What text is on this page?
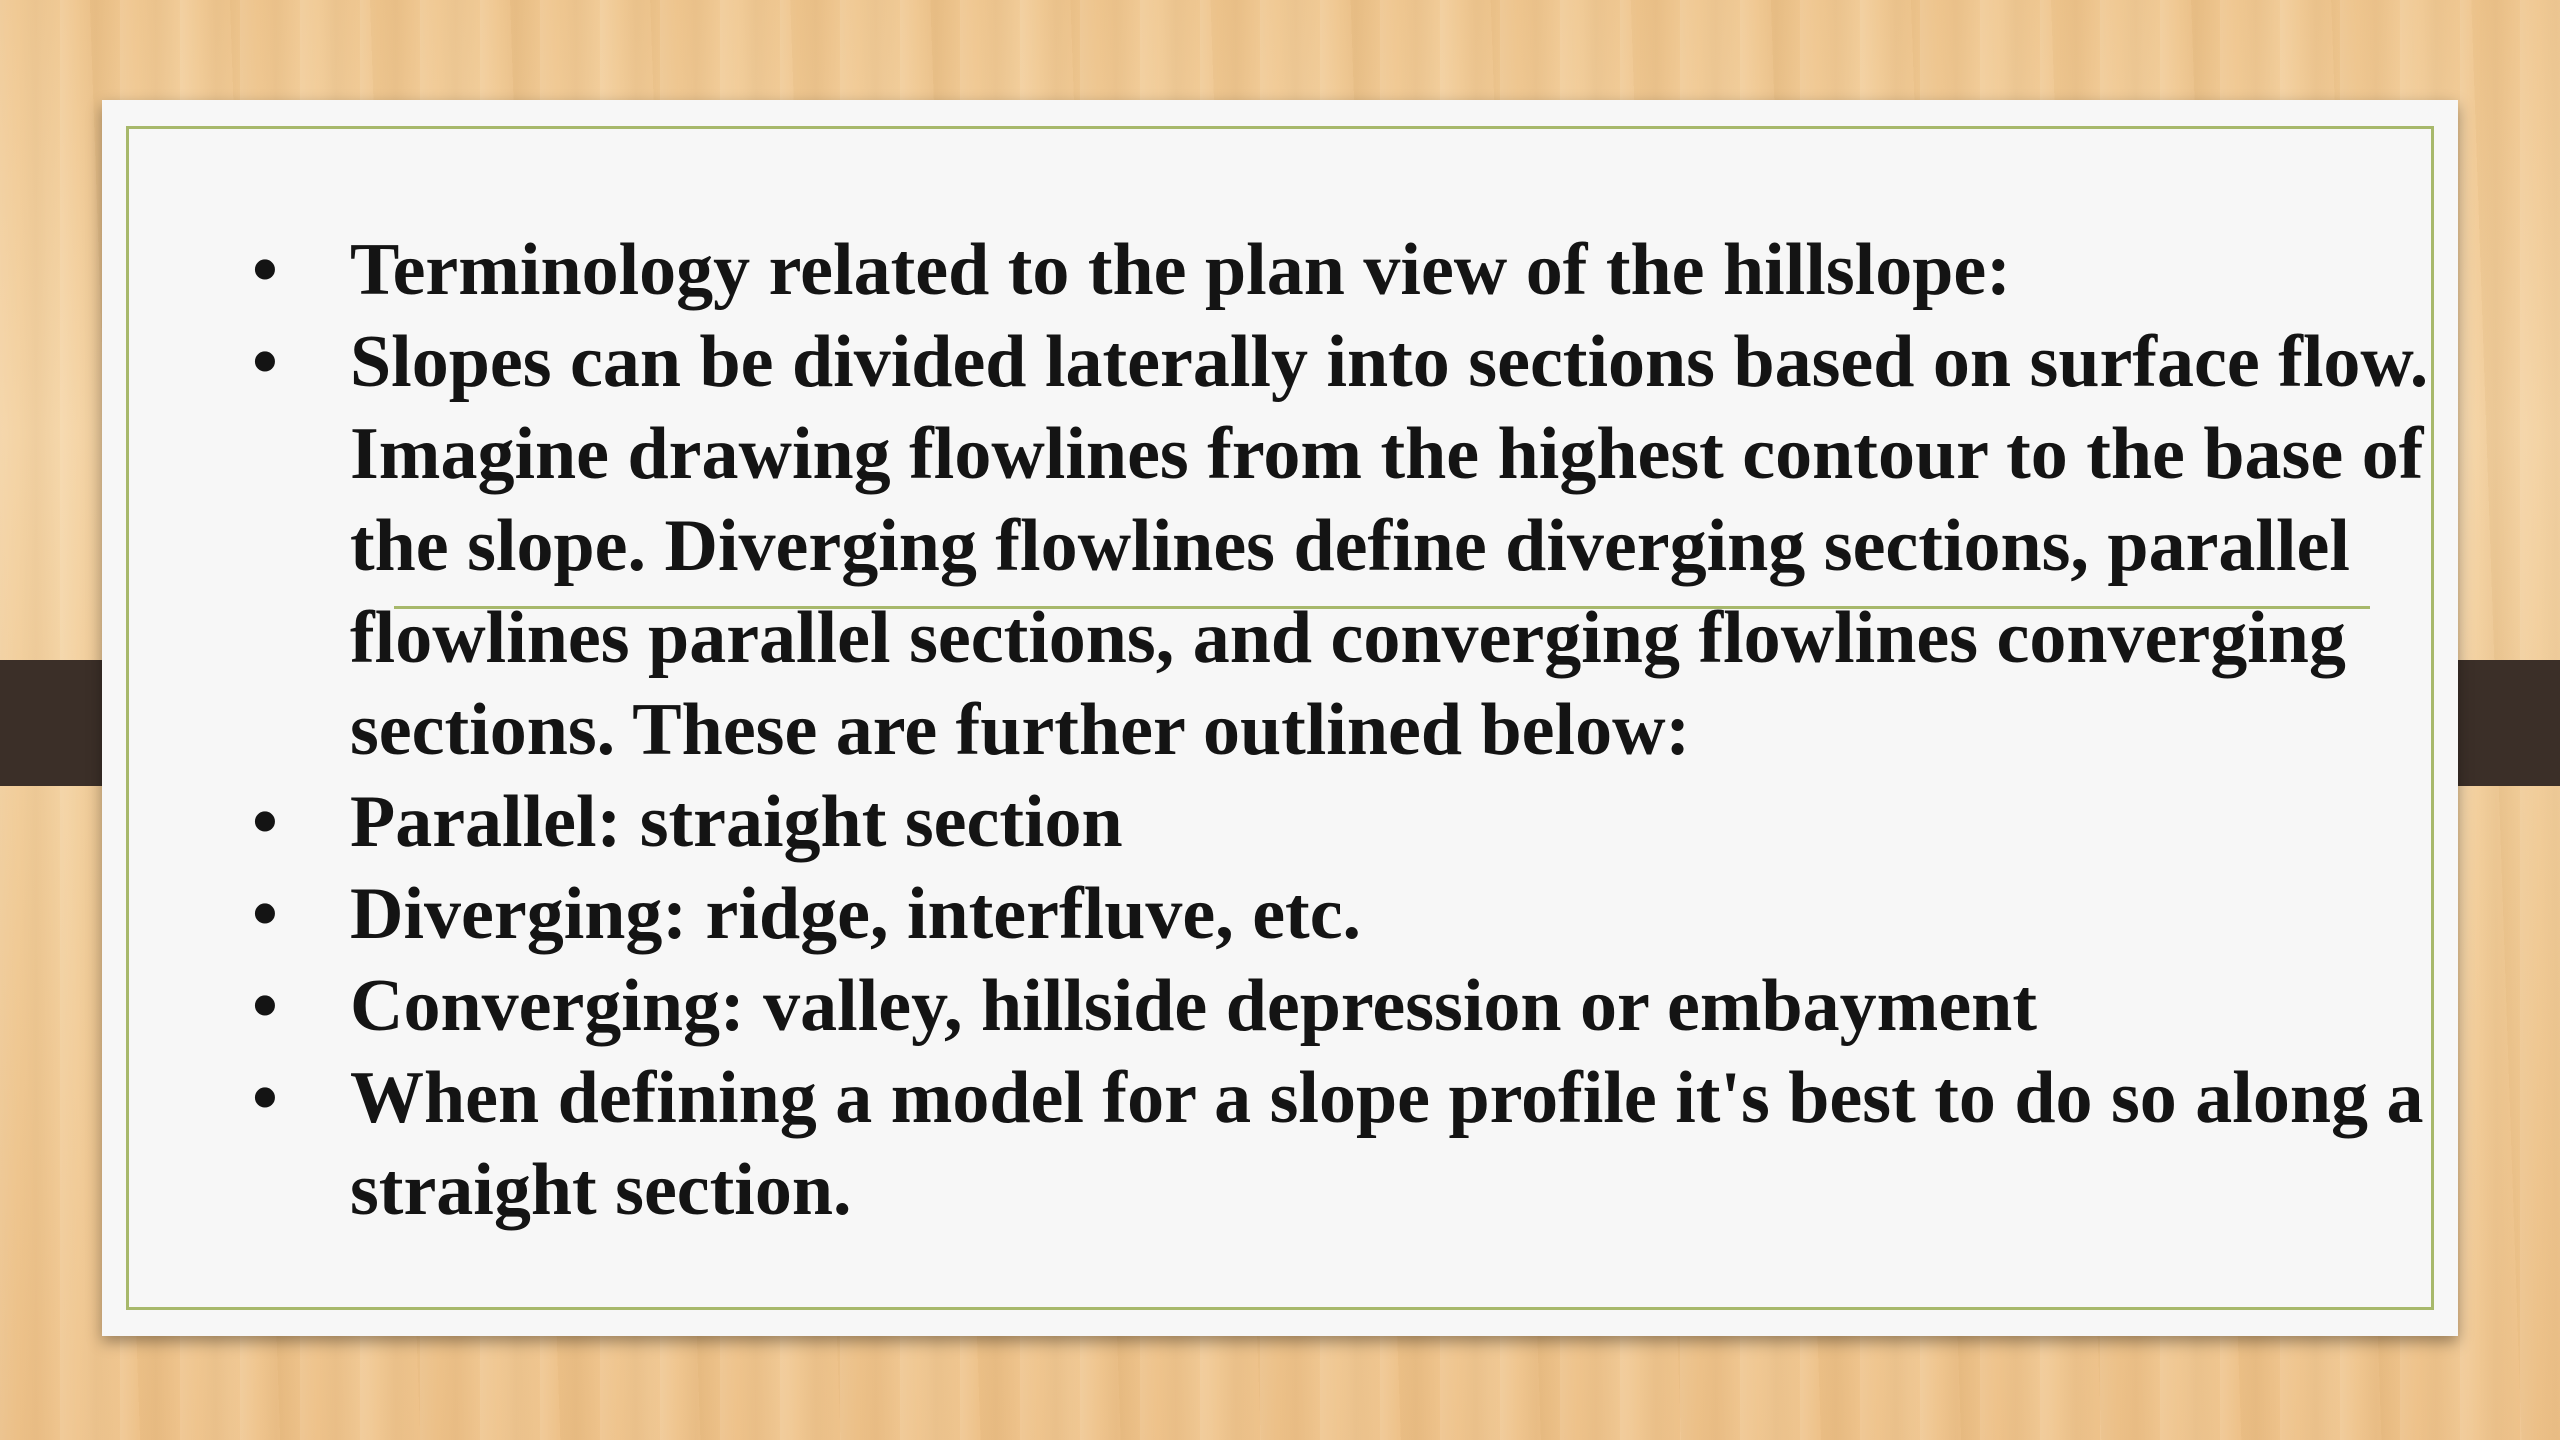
• Terminology related to the plan view of the hillslope:
• Slopes can be divided laterally into sections based on surface flow. Imagine drawing flowlines from the highest contour to the base of the slope. Diverging flowlines define diverging sections, parallel flowlines parallel sections, and converging flowlines converging sections. These are further outlined below:
• Parallel: straight section
• Diverging: ridge, interfluve, etc.
• Converging: valley, hillside depression or embayment
• When defining a model for a slope profile it's best to do so along a straight section.
